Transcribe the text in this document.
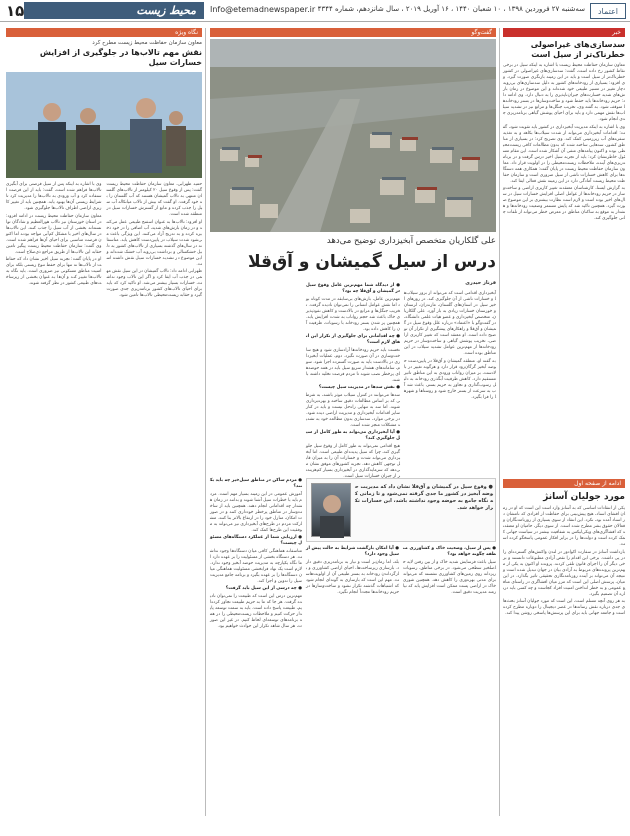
۱۵	محیط زیست	Info@etemadnewspaper.ir سه‌شنبه ۲۷ فروردین ۱۳۹۸ ، ۱۰ شعبان ۱۴۴۰ ، ۱۶ آوریل ۲۰۱۹ ، سال شانزدهم، شماره ۴۳۴۴	اعتماد
خبر
سدسازی‌های غیراصولی خطرناک‌تر از سیل است

معاون سازمان حفاظت محیط زیست با اشاره به اینکه سیل در برخی نقاط کشور رخ داده است، گفت: سدسازی‌های غیراصولی در کشور خطرناک‌تر از سیل است و باید در این زمینه بازنگری صورت گیرد. وی افزود: بسیاری از رودخانه‌های کشور به دلیل سدسازی‌های بی‌رویه دچار تغییر در مسیر طبیعی خود شده‌اند و این موضوع در زمان بارش‌های شدید خسارت‌های جبران‌ناپذیری را به دنبال دارد. وی ادامه داد: حریم رودخانه‌ها باید حفظ شود و ساخت‌وسازها در بستر رودخانه‌ها متوقف شود. به گفته وی، تخریب جنگل‌ها و مراتع نیز در تشدید سیلاب‌ها نقش مهمی دارد و باید برای احیای پوشش گیاهی برنامه‌ریزی جدی انجام شود.

وی با اشاره به اینکه مدیریت آبخیزداری در کشور باید تقویت شود، گفت: اقدامات آبخیزداری می‌تواند از شدت سیلاب‌ها بکاهد و به تغذیه سفره‌های آب زیرزمینی کمک کند. وی تصریح کرد: در بسیاری از مناطق کشور، سدهایی ساخته شده که بدون مطالعات کافی زیست‌محیطی بوده و اکنون پیامدهای منفی آن آشکار شده است. این مقام مسئول خاطرنشان کرد: باید از تجربه سیل اخیر درس گرفت و در برنامه‌ریزی‌های آینده، ملاحظات زیست‌محیطی را در اولویت قرار داد. معاون سازمان حفاظت محیط زیست در پایان گفت: همکاری همه دستگاه‌ها برای کاهش خسارات ناشی از سیل ضروری است و سازمان حفاظت محیط زیست آمادگی دارد در این زمینه نقش فعالی ایفا کند.

به گزارش ایسنا، کارشناسان معتقدند تغییر کاربری اراضی و ساخت‌وساز در حریم رودخانه‌ها از عوامل اصلی افزایش خسارات سیل در سال‌های اخیر بوده است و لازم است نظارت بیشتری بر این موضوع صورت گیرد. همچنین تاکید شد که پایش مستمر وضعیت رودخانه‌ها و هشدار به موقع به ساکنان مناطق در معرض خطر می‌تواند از تلفات جانی جلوگیری کند.

ادامه از صفحه اول
مورد جولیان آسانژ

یکی از انتقادات اساسی که به آسانژ وارد است این است که او در زمان افشای اسناد، هیچ پیش‌بینی برای حفاظت از افرادی که نامشان در اسناد آمده بود، نکرد. این انتقاد از سوی بسیاری از روزنامه‌نگاران و فعالان حقوق بشر مطرح شده است. از سوی دیگر، حامیان او معتقدند که افشاگری‌های ویکی‌لیکس به شفافیت بیشتر در سیاست جهانی کمک کرده است و دولت‌ها را در برابر افکار عمومی پاسخگو کرده است.

بازداشت آسانژ در سفارت اکوادور در لندن واکنش‌های گسترده‌ای را در پی داشت. برخی این اقدام را نقض آزادی مطبوعات دانستند و برخی دیگر آن را اجرای قانون تلقی کردند. پرونده او اکنون به یکی از مهم‌ترین پرونده‌های مربوط به آزادی بیان در جهان تبدیل شده است و نتیجه آن می‌تواند بر آینده روزنامه‌نگاری تحقیقی تاثیر بگذارد. در این میان، پرسش اصلی این است که مرز میان افشاگری در راستای منافع عمومی و به خطر انداختن امنیت افراد کجاست و چه کسی باید درباره آن تصمیم بگیرد.

به هر روی آنچه مسلم است، این است که مورد جولیان آسانژ بحث‌های جدی درباره نقش رسانه‌ها در عصر دیجیتال را دوباره مطرح کرده است و جامعه جهانی باید برای این پرسش‌ها پاسخی روشن پیدا کند.

گفت‌وگو
علی گلکاریان متخصص آبخیزداری توضیح می‌دهد
درس از سیل گمیشان و آق‌قلا
فرناز حیدری

آبخیزداری اقدامی است که می‌تواند از بروز سیلاب‌ها و خسارات ناشی از آن جلوگیری کند. در روزهای اخیر سیل در استان‌های گلستان، مازندران، لرستان و خوزستان خسارات زیادی به بار آورد. علی گلکاریان، متخصص آبخیزداری و عضو هیات علمی دانشگاه، در گفت‌وگو با «اعتماد» درباره علل وقوع سیل در گمیشان و آق‌قلا و راهکارهای پیشگیری از تکرار آن توضیح داده است. او معتقد است که تغییر کاربری اراضی، تخریب پوشش گیاهی و ساخت‌وساز در حریم رودخانه‌ها از مهم‌ترین عوامل تشدید سیلاب در این مناطق بوده است.

به گفته او، منطقه گمیشان و آق‌قلا در پایین‌دست حوضه آبخیز گرگان‌رود قرار دارد و هرگونه تغییر در بالادست، بر میزان رواناب ورودی به این مناطق تاثیر مستقیم دارد. کاهش ظرفیت آبگذری رودخانه به دلیل رسوب‌گذاری و تجاوز به حریم بستر، باعث شد آب به سرعت از بستر خارج شود و روستاها و شهرها را فرا بگیرد.

● از دیدگاه شما مهم‌ترین عامل وقوع سیل در گمیشان و آق‌قلا چه بود؟

مهم‌ترین عامل، بارش‌های بی‌سابقه در مدت کوتاه بود اما نقش عوامل انسانی را نمی‌توان نادیده گرفت. تخریب جنگل‌ها و مراتع در بالادست و کاهش نفوذپذیری خاک باعث شد حجم رواناب به شدت افزایش یابد. همچنین پر شدن بستر رودخانه با رسوبات، ظرفیت آن را کاهش داده بود.

● چه اقداماتی برای جلوگیری از تکرار این اتفاق لازم است؟

نخست باید حریم رودخانه‌ها آزادسازی شود و هیچ ساخت‌وسازی در آن صورت نگیرد. دوم، عملیات آبخیزداری در بالادست باید به صورت گسترده اجرا شود. سوم، سامانه‌های هشدار سریع سیل باید در همه حوضه‌های پرخطر نصب شوند تا مردم فرصت تخلیه داشته باشند.

● نقش سدها در مدیریت سیل چیست؟

سدها می‌توانند در کنترل سیلاب موثر باشند، به شرطی که بر اساس مطالعات دقیق ساخته و بهره‌برداری شوند. اما سد به تنهایی راه‌حل نیست و باید در کنار سایر اقدامات آبخیزداری و مدیریت اراضی دیده شود. در برخی موارد، سدسازی بدون مطالعه خود به تشدید مشکلات منجر شده است.

● آیا آبخیزداری می‌تواند به طور کامل از سیل جلوگیری کند؟

هیچ اقدامی نمی‌تواند به طور کامل از وقوع سیل جلوگیری کند، چرا که سیل پدیده‌ای طبیعی است. اما آبخیزداری می‌تواند شدت و خسارات آن را به میزان قابل توجهی کاهش دهد. تجربه کشورهای موفق نشان می‌دهد که سرمایه‌گذاری در آبخیزداری بسیار کم‌هزینه‌تر از جبران خسارات سیل است.

● وقوع سیل در گمیشان و آق‌قلا نشان داد که مدیریت حوضه آبخیز در کشور ما جدی گرفته نمی‌شود و تا زمانی که نگاه جامع به حوضه وجود نداشته باشد، این خسارات تکرار خواهد شد.

● مردم ساکن در مناطق سیل‌خیز چه باید بکنند؟

آموزش عمومی در این زمینه بسیار مهم است. مردم باید با خطرات سیل آشنا شوند و بدانند در زمان هشدار چه اقداماتی انجام دهند. همچنین باید از ساخت‌وساز در مناطق پرخطر خودداری کنند و در صورت امکان، منازل خود را در ارتفاع بالاتر بنا کنند. مشارکت مردم در طرح‌های آبخیزداری نیز می‌تواند به موفقیت این طرح‌ها کمک کند.

● ارزیابی شما از عملکرد دستگاه‌های مسئول چیست؟

متاسفانه هماهنگی کافی میان دستگاه‌ها وجود نداشت. هر دستگاه بخشی از مسئولیت را بر عهده دارد اما نگاه یکپارچه به مدیریت حوضه آبخیز وجود ندارد. لازم است یک نهاد فرابخشی مسئولیت هماهنگی میان دستگاه‌ها را بر عهده بگیرد و برنامه جامع مدیریت سیل را تدوین و اجرا کند.

● چه درسی از این سیل باید گرفت؟

مهم‌ترین درس این است که طبیعت را نمی‌توان نادیده گرفت. هر جا که ما به حریم طبیعت تجاوز کرده‌ایم، طبیعت پاسخ داده است. باید به سمت توسعه پایدار حرکت کنیم و ملاحظات زیست‌محیطی را در همه برنامه‌های توسعه‌ای لحاظ کنیم. در غیر این صورت، هر سال شاهد تکرار این حوادث خواهیم بود.

● پس از سیل، وضعیت خاک و کشاورزی منطقه چگونه خواهد بود؟

سیل باعث فرسایش شدید خاک و از بین رفتن لایه حاصلخیز سطحی می‌شود. در برخی مناطق، رسوبات ریزدانه روی زمین‌های کشاورزی نشسته که می‌تواند برای مدتی بهره‌وری را کاهش دهد. همچنین شوری خاک در اراضی پست ممکن است افزایش یابد که نیازمند مدیریت دقیق است.

● آیا امکان بازگشت شرایط به حالت پیش از سیل وجود دارد؟

بله، اما زمان‌بر است و نیاز به برنامه‌ریزی دقیق دارد. بازسازی زیرساخت‌ها، احیای اراضی کشاورزی و بازگرداندن رودخانه به بستر طبیعی آن از اولویت‌هاست. مهم این است که بازسازی به گونه‌ای انجام شود که اشتباهات گذشته تکرار نشود و ساخت‌وسازها در حریم رودخانه‌ها مجدداً انجام نگیرد.

نگاه ویژه
معاون سازمان حفاظت محیط زیست مطرح کرد
نقش مهم تالاب‌ها در جلوگیری از افزایش خسارات سیل

حمید ظهرابی، معاون سازمان حفاظت محیط زیست گفت: پس از وقوع سیل ۲۰ کیلومتر از تالاب‌های گلستان منتهی به تالاب گمیشان هستند که آب گلستان را به خود گرفت. او گفت که بیش از تالاب میانکاله آب سیل را جذب کرده و مانع از گسترش خسارات سیل در منطقه شده است.

او افزود: تالاب‌ها به عنوان اسفنج طبیعی عمل می‌کنند و در زمان بارش‌های شدید، آب اضافی را در خود ذخیره کرده و به تدریج آزاد می‌کنند. این ویژگی باعث می‌شود شدت سیلاب در پایین‌دست کاهش یابد. متاسفانه در سال‌های گذشته بسیاری از تالاب‌های کشور به دلیل خشکسالی و برداشت بی‌رویه آب خشک شده‌اند و این موضوع در تشدید خسارات سیل نقش داشته است.

ظهرابی ادامه داد: تالاب گمیشان در این سیل نقش مهمی در جذب آب ایفا کرد و اگر این تالاب وجود نداشت، خسارات بسیار بیشتر می‌شد. او تاکید کرد که باید برای احیای تالاب‌های کشور برنامه‌ریزی جدی صورت گیرد و حقابه زیست‌محیطی تالاب‌ها تامین شود.

وی با اشاره به اینکه پس از سیل فرصتی برای آبگیری تالاب‌ها فراهم شده است، گفت: باید از این فرصت استفاده کرد و آب ورودی به تالاب‌ها را مدیریت کرد تا شرایط زیستی آن‌ها بهبود یابد. همچنین باید از تغییر کاربری اراضی اطراف تالاب‌ها جلوگیری شود.

معاون سازمان حفاظت محیط زیست در ادامه افزود: در استان خوزستان نیز تالاب هورالعظیم و شادگان توانسته‌اند بخشی از آب سیل را جذب کنند. این تالاب‌ها در سال‌های اخیر با مشکل کم‌آبی مواجه بودند اما اکنون فرصت مناسبی برای احیای آن‌ها فراهم شده است. وی گفت: سازمان حفاظت محیط زیست پیگیر تامین حقابه این تالاب‌ها از طریق مراجع ذی‌صلاح است.

او در پایان گفت: تجربه سیل اخیر نشان داد که حفاظت از تالاب‌ها نه تنها برای حفظ تنوع زیستی بلکه برای امنیت مناطق مسکونی نیز ضروری است. باید نگاه به تالاب‌ها تغییر کند و آن‌ها به عنوان بخشی از زیرساخت‌های طبیعی کشور در نظر گرفته شوند.
